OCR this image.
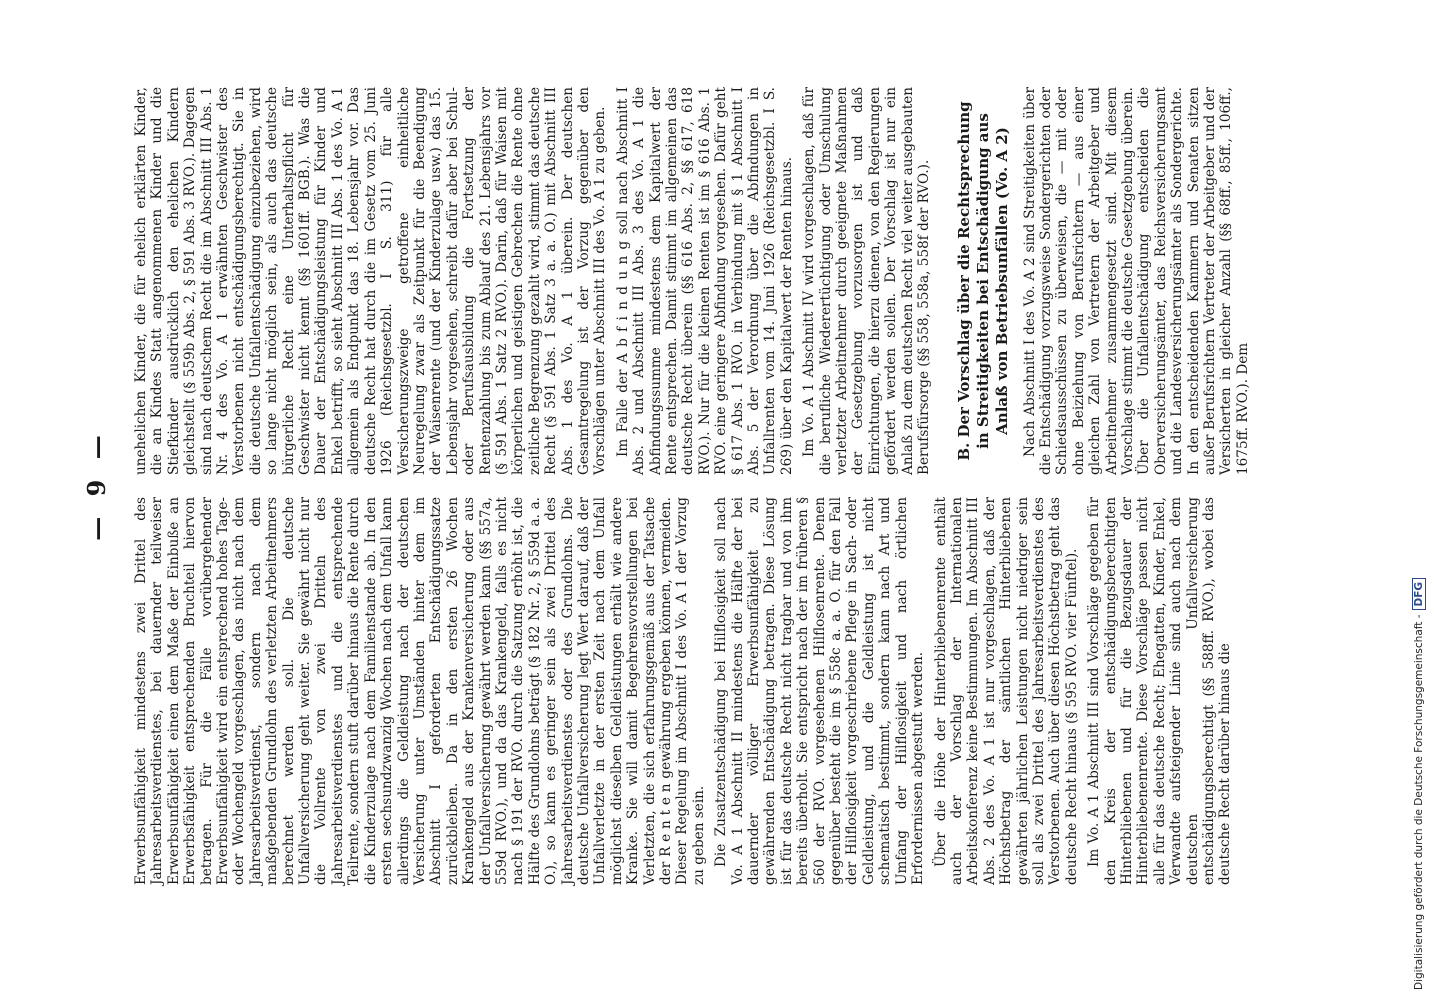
— 9 —

Erwerbsunfähigkeit mindestens zwei Drittel des Jahresarbeitsverdienstes, bei dauernder teilweiser Erwerbsunfähigkeit einen dem Maße der Einbuße an Erwerbsfähigkeit entsprechenden Bruchteil hiervon betragen. Für die Fälle vorübergehender Erwerbsunfähigkeit wird ein entsprechend hohes Tage- oder Wochengeld vorgeschlagen, das nicht nach dem Jahresarbeitsverdienst, sondern nach dem maßgebenden Grundlohn des verletzten Arbeitnehmers berechnet werden soll. Die deutsche Unfallversicherung geht weiter. Sie gewährt nicht nur die Vollrente von zwei Dritteln des Jahresarbeitsverdienstes und die entsprechende Teilrente, sondern stuft darüber hinaus die Rente durch die Kinderzulage nach dem Familienstande ab. In den ersten sechsundzwanzig Wochen nach dem Unfall kann allerdings die Geldleistung nach der deutschen Versicherung unter Umständen hinter dem im Abschnitt I geforderten Entschädigungssatze zurückbleiben. Da in den ersten 26 Wochen Krankengeld aus der Krankenversicherung oder aus der Unfallversicherung gewährt werden kann (§§ 557a, 559d RVO.), und da das Krankengeld, falls es nicht nach § 191 der RVO. durch die Satzung erhöht ist, die Hälfte des Grundlohns beträgt (§ 182 Nr. 2, § 559d a. a. O.), so kann es geringer sein als zwei Drittel des Jahresarbeitsverdienstes oder des Grundlohns. Die deutsche Unfallversicherung legt Wert darauf, daß der Unfallverletzte in der ersten Zeit nach dem Unfall möglichst dieselben Geldleistungen erhält wie andere Kranke. Sie will damit Begehrensvorstellungen bei Verletzten, die sich erfahrungsgemäß aus der Tatsache der R e n t e n gewährung ergeben können, vermeiden. Dieser Regelung im Abschnitt I des Vo. A 1 der Vorzug zu geben sein. Die Zusatzentschädigung bei Hilflosigkeit soll nach Vo. A 1 Abschnitt II mindestens die Hälfte der bei dauernder völliger Erwerbsunfähigkeit zu gewährenden Entschädigung betragen. Diese Lösung ist für das deutsche Recht nicht tragbar und von ihm bereits überholt. Sie entspricht nach der im früheren § 560 der RVO. vorgesehenen Hilflosenrente. Denen gegenüber besteht die im § 558c a. a. O. für den Fall der Hilflosigkeit vorgeschriebene Pflege in Sach- oder Geldleistung, und die Geldleistung ist nicht schematisch bestimmt, sondern kann nach Art und Umfang der Hilflosigkeit und nach örtlichen Erfordernissen abgestuft werden. Über die Höhe der Hinterbliebenenrente enthält auch der Vorschlag der Internationalen Arbeitskonferenz keine Bestimmungen. Im Abschnitt III Abs. 2 des Vo. A 1 ist nur vorgeschlagen, daß der Höchstbetrag der sämtlichen Hinterbliebenen gewährten jährlichen Leistungen nicht niedriger sein soll als zwei Drittel des Jahresarbeitsverdienstes des Verstorbenen. Auch über diesen Höchstbetrag geht das deutsche Recht hinaus (§ 595 RVO. vier Fünftel). Im Vo. A 1 Abschnitt III sind Vorschläge gegeben für den Kreis der entschädigungsberechtigten Hinterbliebenen und für die Bezugsdauer der Hinterbliebenenrente. Diese Vorschläge passen nicht alle für das deutsche Recht; Ehegatten, Kinder, Enkel, Verwandte aufsteigender Linie sind auch nach dem deutschen Unfallversicherung entschädigungsberechtigt (§§ 588ff. RVO.), wobei das deutsche Recht darüber hinaus die

unehelichen Kinder, die für ehelich erklärten Kinder, die an Kindes Statt angenommenen Kinder und die Stiefkinder ausdrücklich den ehelichen Kindern gleichstellt (§ 559b Abs. 2, § 591 Abs. 3 RVO.). Dagegen sind nach deutschem Recht die im Abschnitt III Abs. 1 Nr. 4 des Vo. A 1 erwähnten Geschwister des Verstorbenen nicht entschädigungsberechtigt. Sie in die deutsche Unfallentschädigung einzubeziehen, wird so lange nicht möglich sein, als auch das deutsche bürgerliche Recht eine Unterhaltspflicht für Geschwister nicht kennt (§§ 1601ff. BGB.). Was die Dauer der Entschädigungsleistung für Kinder und Enkel betrifft, so sieht Abschnitt III Abs. 1 des Vo. A 1 allgemein als Endpunkt das 18. Lebensjahr vor. Das deutsche Recht hat durch die im Gesetz vom 25. Juni 1926 (Reichsgesetzbl. I S. 311) für alle Versicherungszweige getroffene einheitliche Neuregelung zwar als Zeitpunkt für die Beendigung der Waisenrente (und der Kinderzulage usw.) das 15. Lebensjahr vorgesehen, schreibt dafür aber bei Schul- oder Berufsausbildung die Fortsetzung der Rentenzahlung bis zum Ablauf des 21. Lebensjahrs vor (§ 591 Abs. 1 Satz 2 RVO.). Darin, daß für Waisen mit körperlichen und geistigen Gebrechen die Rente ohne zeitliche Begrenzung gezahlt wird, stimmt das deutsche Recht (§ 591 Abs. 1 Satz 3 a. a. O.) mit Abschnitt III Abs. 1 des Vo. A 1 überein. Der deutschen Gesamtregelung ist der Vorzug gegenüber den Vorschlägen unter Abschnitt III des Vo. A 1 zu geben. Im Falle der A b f i n d u n g soll nach Abschnitt I Abs. 2 und Abschnitt III Abs. 3 des Vo. A 1 die Abfindungssumme mindestens dem Kapitalwert der Rente entsprechen. Damit stimmt im allgemeinen das deutsche Recht überein (§§ 616 Abs. 2, §§ 617, 618 RVO.). Nur für die kleinen Renten ist im § 616 Abs. 1 RVO. eine geringere Abfindung vorgesehen. Dafür geht § 617 Abs. 1 RVO. in Verbindung mit § 1 Abschnitt I Abs. 5 der Verordnung über die Abfindungen in Unfallrenten vom 14. Juni 1926 (Reichsgesetzbl. I S. 269) über den Kapitalwert der Renten hinaus. Im Vo. A 1 Abschnitt IV wird vorgeschlagen, daß für die berufliche Wiederertüchtigung oder Umschulung verletzter Arbeitnehmer durch geeignete Maßnahmen der Gesetzgebung vorzusorgen ist und daß Einrichtungen, die hierzu dienen, von den Regierungen gefördert werden sollen. Der Vorschlag ist nur ein Anlaß zu dem deutschen Recht viel weiter ausgebauten Berufsfürsorge (§§ 558, 558a, 558f der RVO.). B. Der Vorschlag über die Rechtsprechung in Streitigkeiten bei Entschädigung aus Anlaß von Betriebsunfällen (Vo. A 2) Nach Abschnitt I des Vo. A 2 sind Streitigkeiten über die Entschädigung vorzugsweise Sondergerichten oder Schiedsausschüssen zu überweisen, die — mit oder ohne Beiziehung von Berufsrichtern — aus einer gleichen Zahl von Vertretern der Arbeitgeber und Arbeitnehmer zusammengesetzt sind. Mit diesem Vorschlage stimmt die deutsche Gesetzgebung überein. Über die Unfallentschädigung entscheiden die Oberversicherungsämter, das Reichsversicherungsamt und die Landesversicherungsämter als Sondergerichte. In den entscheidenden Kammern und Senaten sitzen außer Berufsrichtern Vertreter der Arbeitgeber und der Versicherten in gleicher Anzahl (§§ 68ff., 85ff., 106ff., 1675ff. RVO.). Dem

Digitalisierung gefördert durch die Deutsche Forschungsgemeinschaft -DFG
